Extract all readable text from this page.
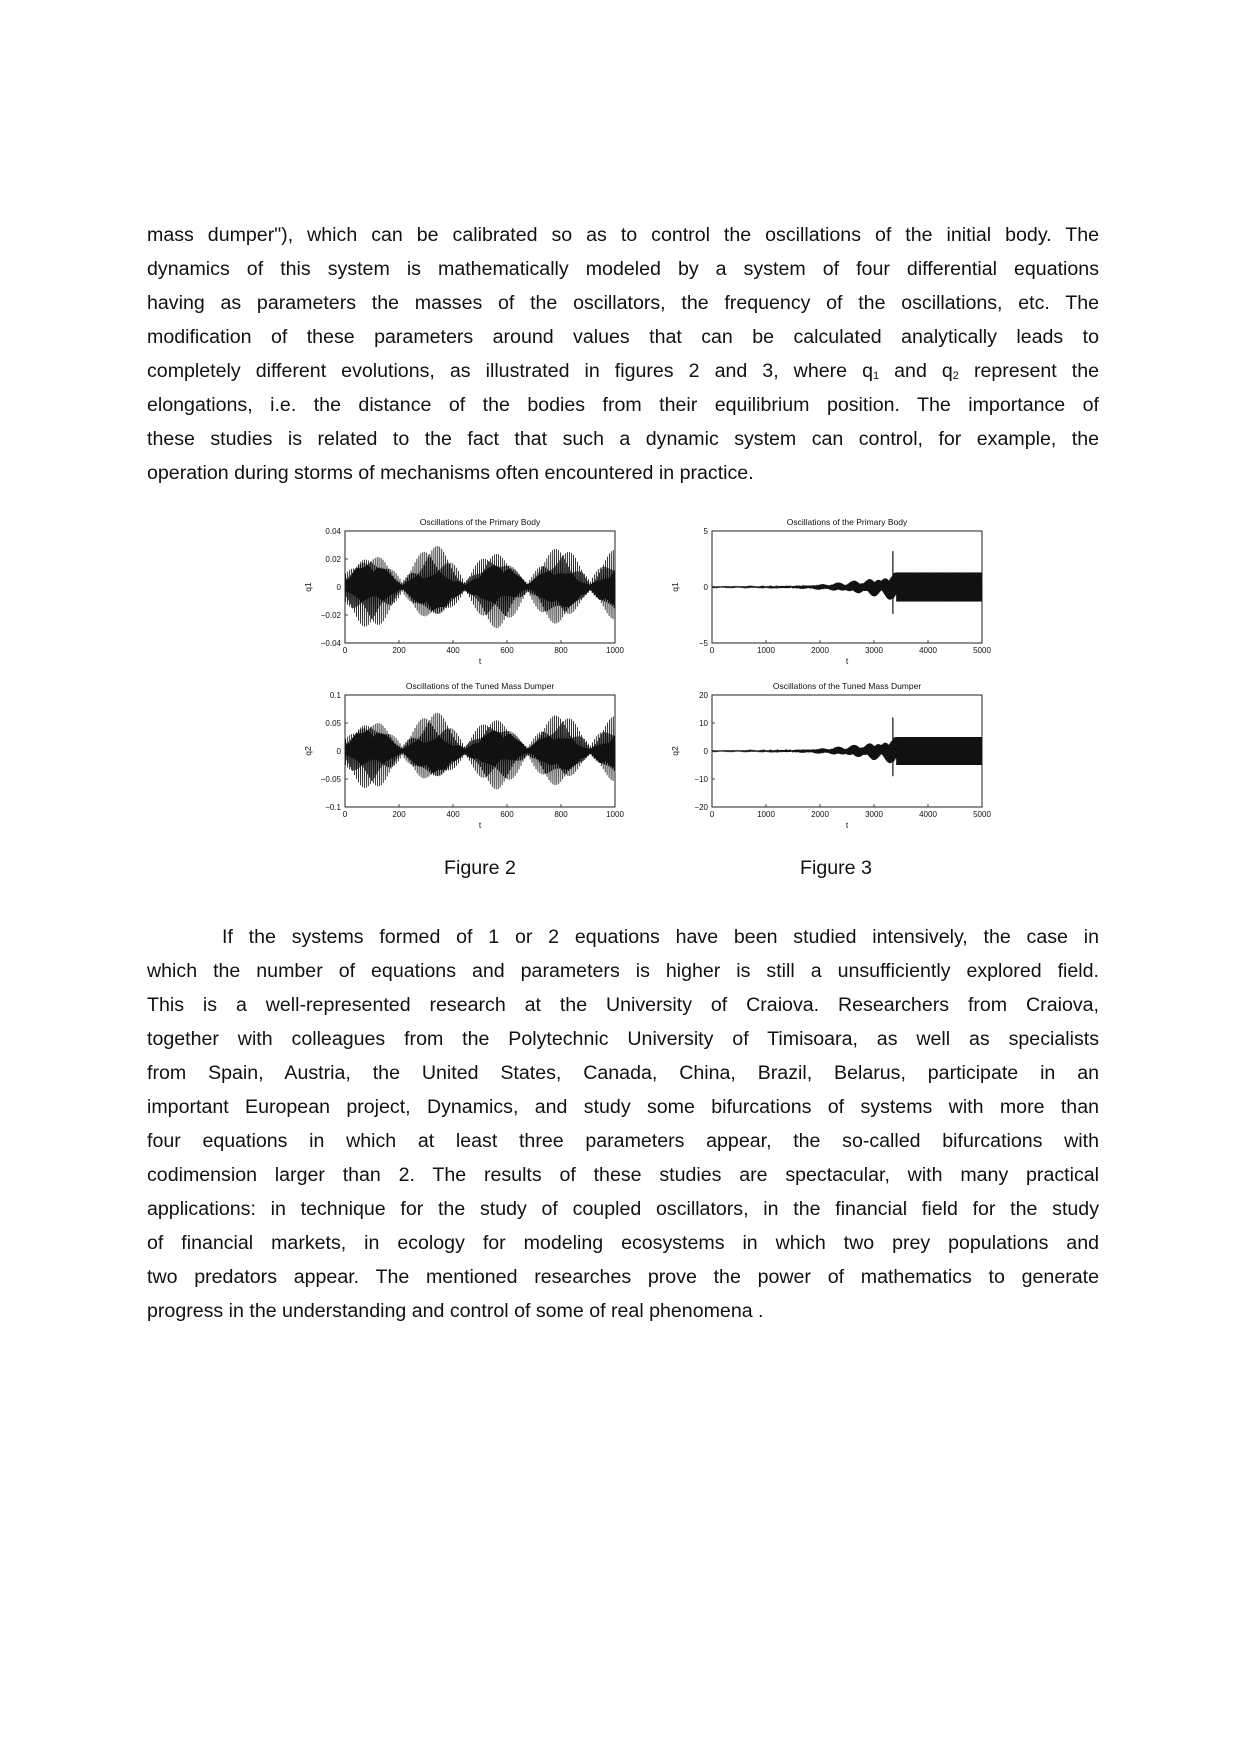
mass dumper"), which can be calibrated so as to control the oscillations of the initial body. The
dynamics of this system is mathematically modeled by a system of four differential equations
having as parameters the masses of the oscillators, the frequency of the oscillations, etc. The
modification of these parameters around values that can be calculated analytically leads to
completely different evolutions, as illustrated in figures 2 and 3, where $q_1$ and $q_2$ represent the
elongations, i.e. the distance of the bodies from their equilibrium position. The importance of
these studies is related to the fact that such a dynamic system can control, for example, the
operation during storms of mechanisms often encountered in practice.
0	200	400	600	800	1000
0.04
0.02
0
−0.02
−0.04
Oscillations of the Primary Body
t
q1
0	200	400	600	800	1000
0.1
0.05
0
−0.05
−0.1
Oscillations of the Tuned Mass Dumper
t
q2
0	1000	2000	3000	4000	5000
5
0
−5
Oscillations of the Primary Body
t
q1
0	1000	2000	3000	4000	5000
20
10
0
−10
−20
Oscillations of the Tuned Mass Dumper
t
q2
Figure 2	Figure 3
If the systems formed of 1 or 2 equations have been studied intensively, the case in
which the number of equations and parameters is higher is still a unsufficiently explored field.
This is a well-represented research at the University of Craiova. Researchers from Craiova,
together with colleagues from the Polytechnic University of Timisoara, as well as specialists
from Spain, Austria, the United States, Canada, China, Brazil, Belarus, participate in an
important European project, Dynamics, and study some bifurcations of systems with more than
four equations in which at least three parameters appear, the so-called bifurcations with
codimension larger than 2. The results of these studies are spectacular, with many practical
applications: in technique for the study of coupled oscillators, in the financial field for the study
of financial markets, in ecology for modeling ecosystems in which two prey populations and
two predators appear. The mentioned researches prove the power of mathematics to generate
progress in the understanding and control of some of real phenomena .
